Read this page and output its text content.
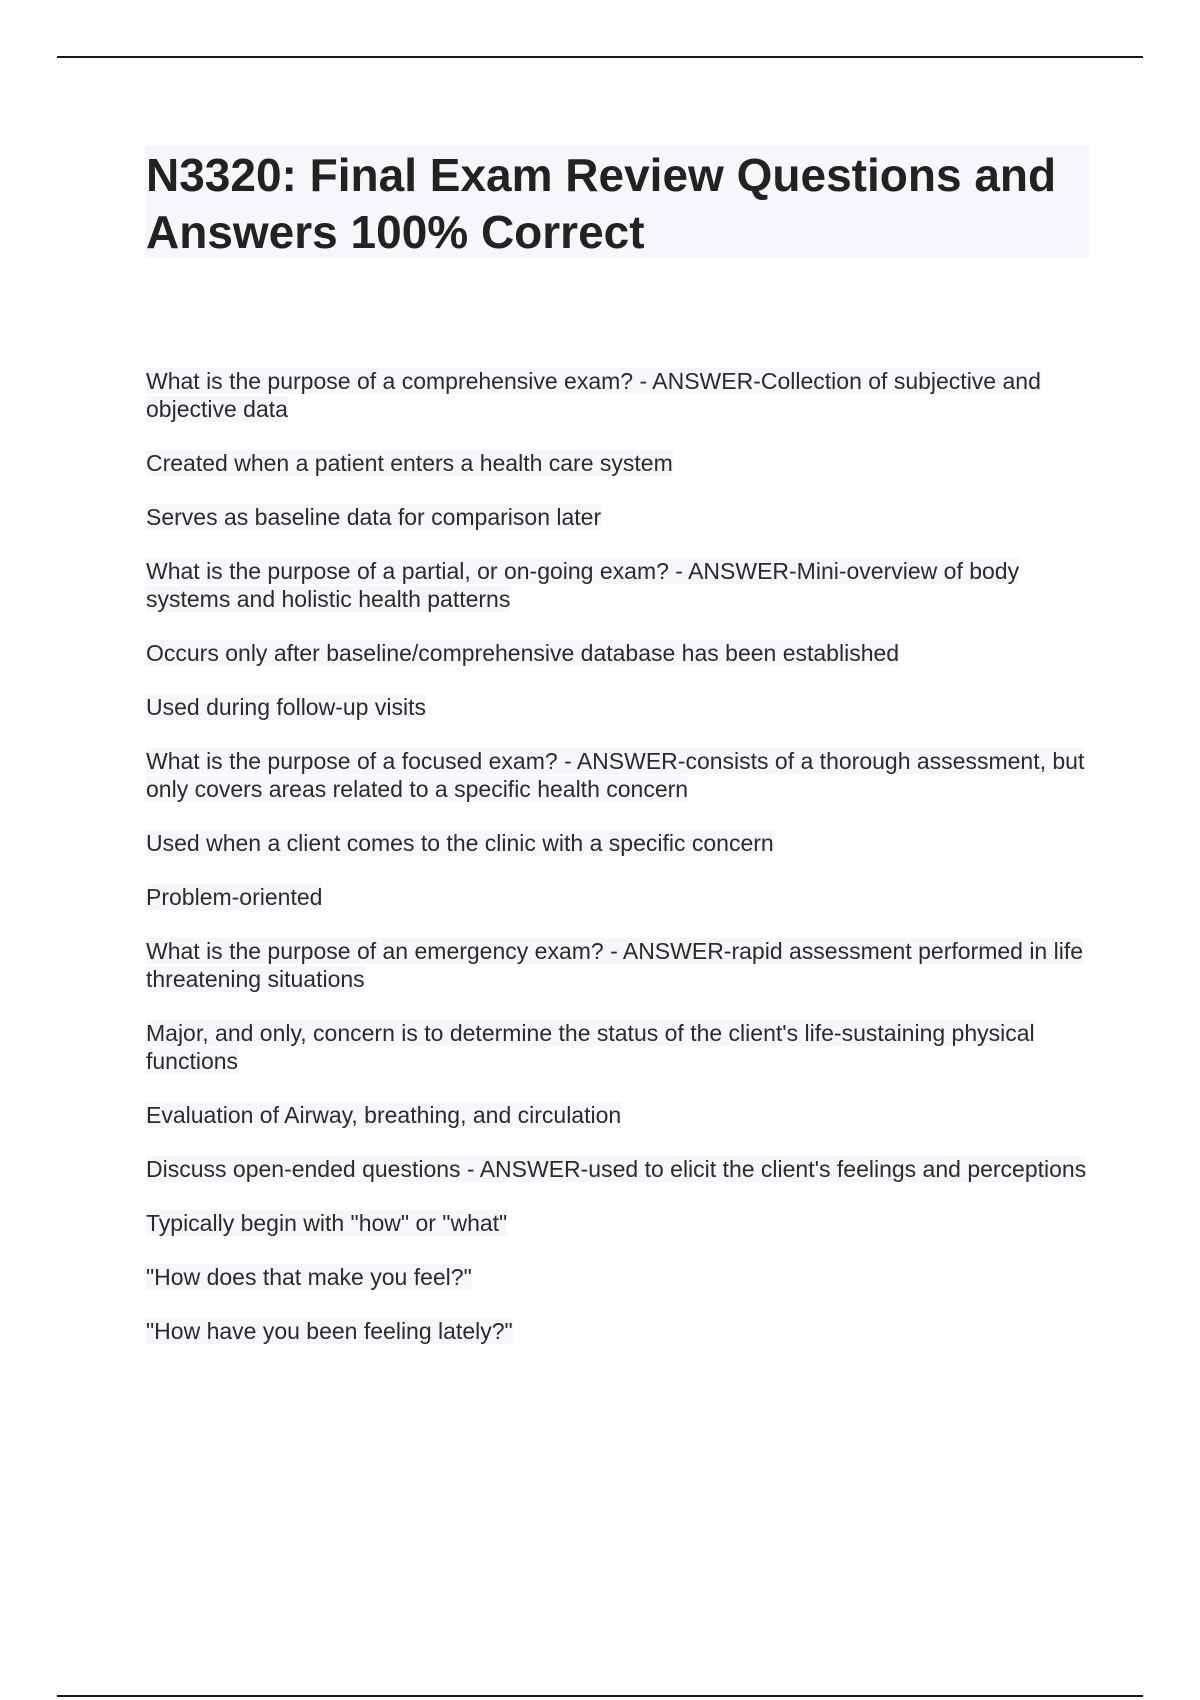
N3320: Final Exam Review Questions and Answers 100% Correct

What is the purpose of a comprehensive exam? - ANSWER-Collection of subjective and objective data

Created when a patient enters a health care system

Serves as baseline data for comparison later

What is the purpose of a partial, or on-going exam? - ANSWER-Mini-overview of body systems and holistic health patterns

Occurs only after baseline/comprehensive database has been established

Used during follow-up visits

What is the purpose of a focused exam? - ANSWER-consists of a thorough assessment, but only covers areas related to a specific health concern

Used when a client comes to the clinic with a specific concern

Problem-oriented

What is the purpose of an emergency exam? - ANSWER-rapid assessment performed in life threatening situations

Major, and only, concern is to determine the status of the client's life-sustaining physical functions

Evaluation of Airway, breathing, and circulation

Discuss open-ended questions - ANSWER-used to elicit the client's feelings and perceptions

Typically begin with "how" or "what"

"How does that make you feel?"

"How have you been feeling lately?"
